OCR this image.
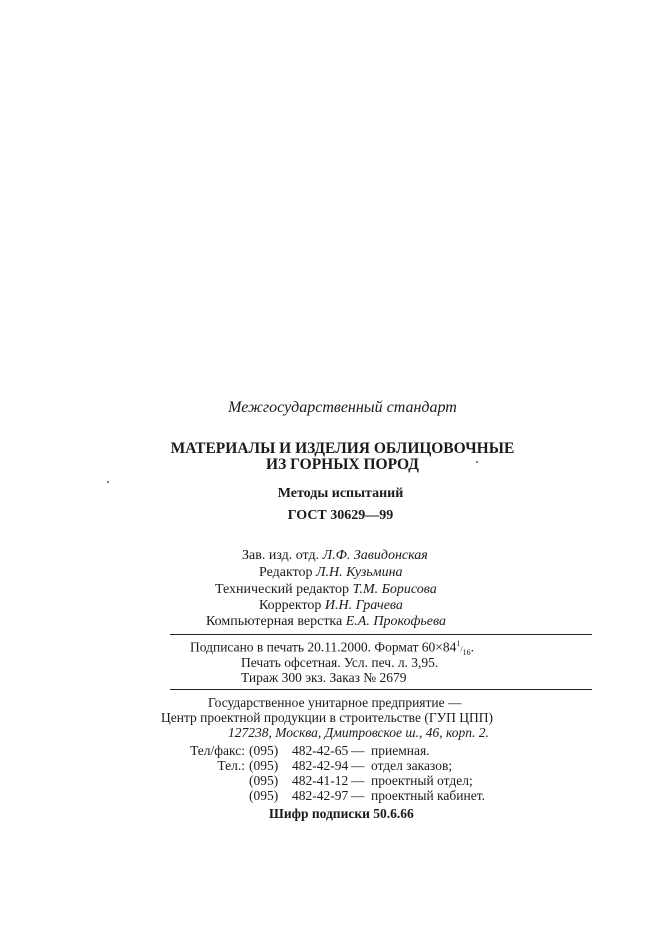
Межгосударственный стандарт
МАТЕРИАЛЫ И ИЗДЕЛИЯ ОБЛИЦОВОЧНЫЕ
ИЗ ГОРНЫХ ПОРОД
Методы испытаний
ГОСТ 30629—99
Зав. изд. отд. Л.Ф. Завидонская
Редактор Л.Н. Кузьмина
Технический редактор Т.М. Борисова
Корректор И.Н. Грачева
Компьютерная верстка Е.А. Прокофьева
Подписано в печать 20.11.2000. Формат $60\times 84^1/_{16}$.
Печать офсетная. Усл. печ. л. 3,95.
Тираж 300 экз. Заказ № 2679
Государственное унитарное предприятие —
Центр проектной продукции в строительстве (ГУП ЦПП)
127238, Москва, Дмитровское ш., 46, корп. 2.
Тел/факс: (095) 482-42-65 — приемная.
Тел.: (095) 482-42-94 — отдел заказов;
(095) 482-41-12 — проектный отдел;
(095) 482-42-97 — проектный кабинет.
Шифр подписки 50.6.66
